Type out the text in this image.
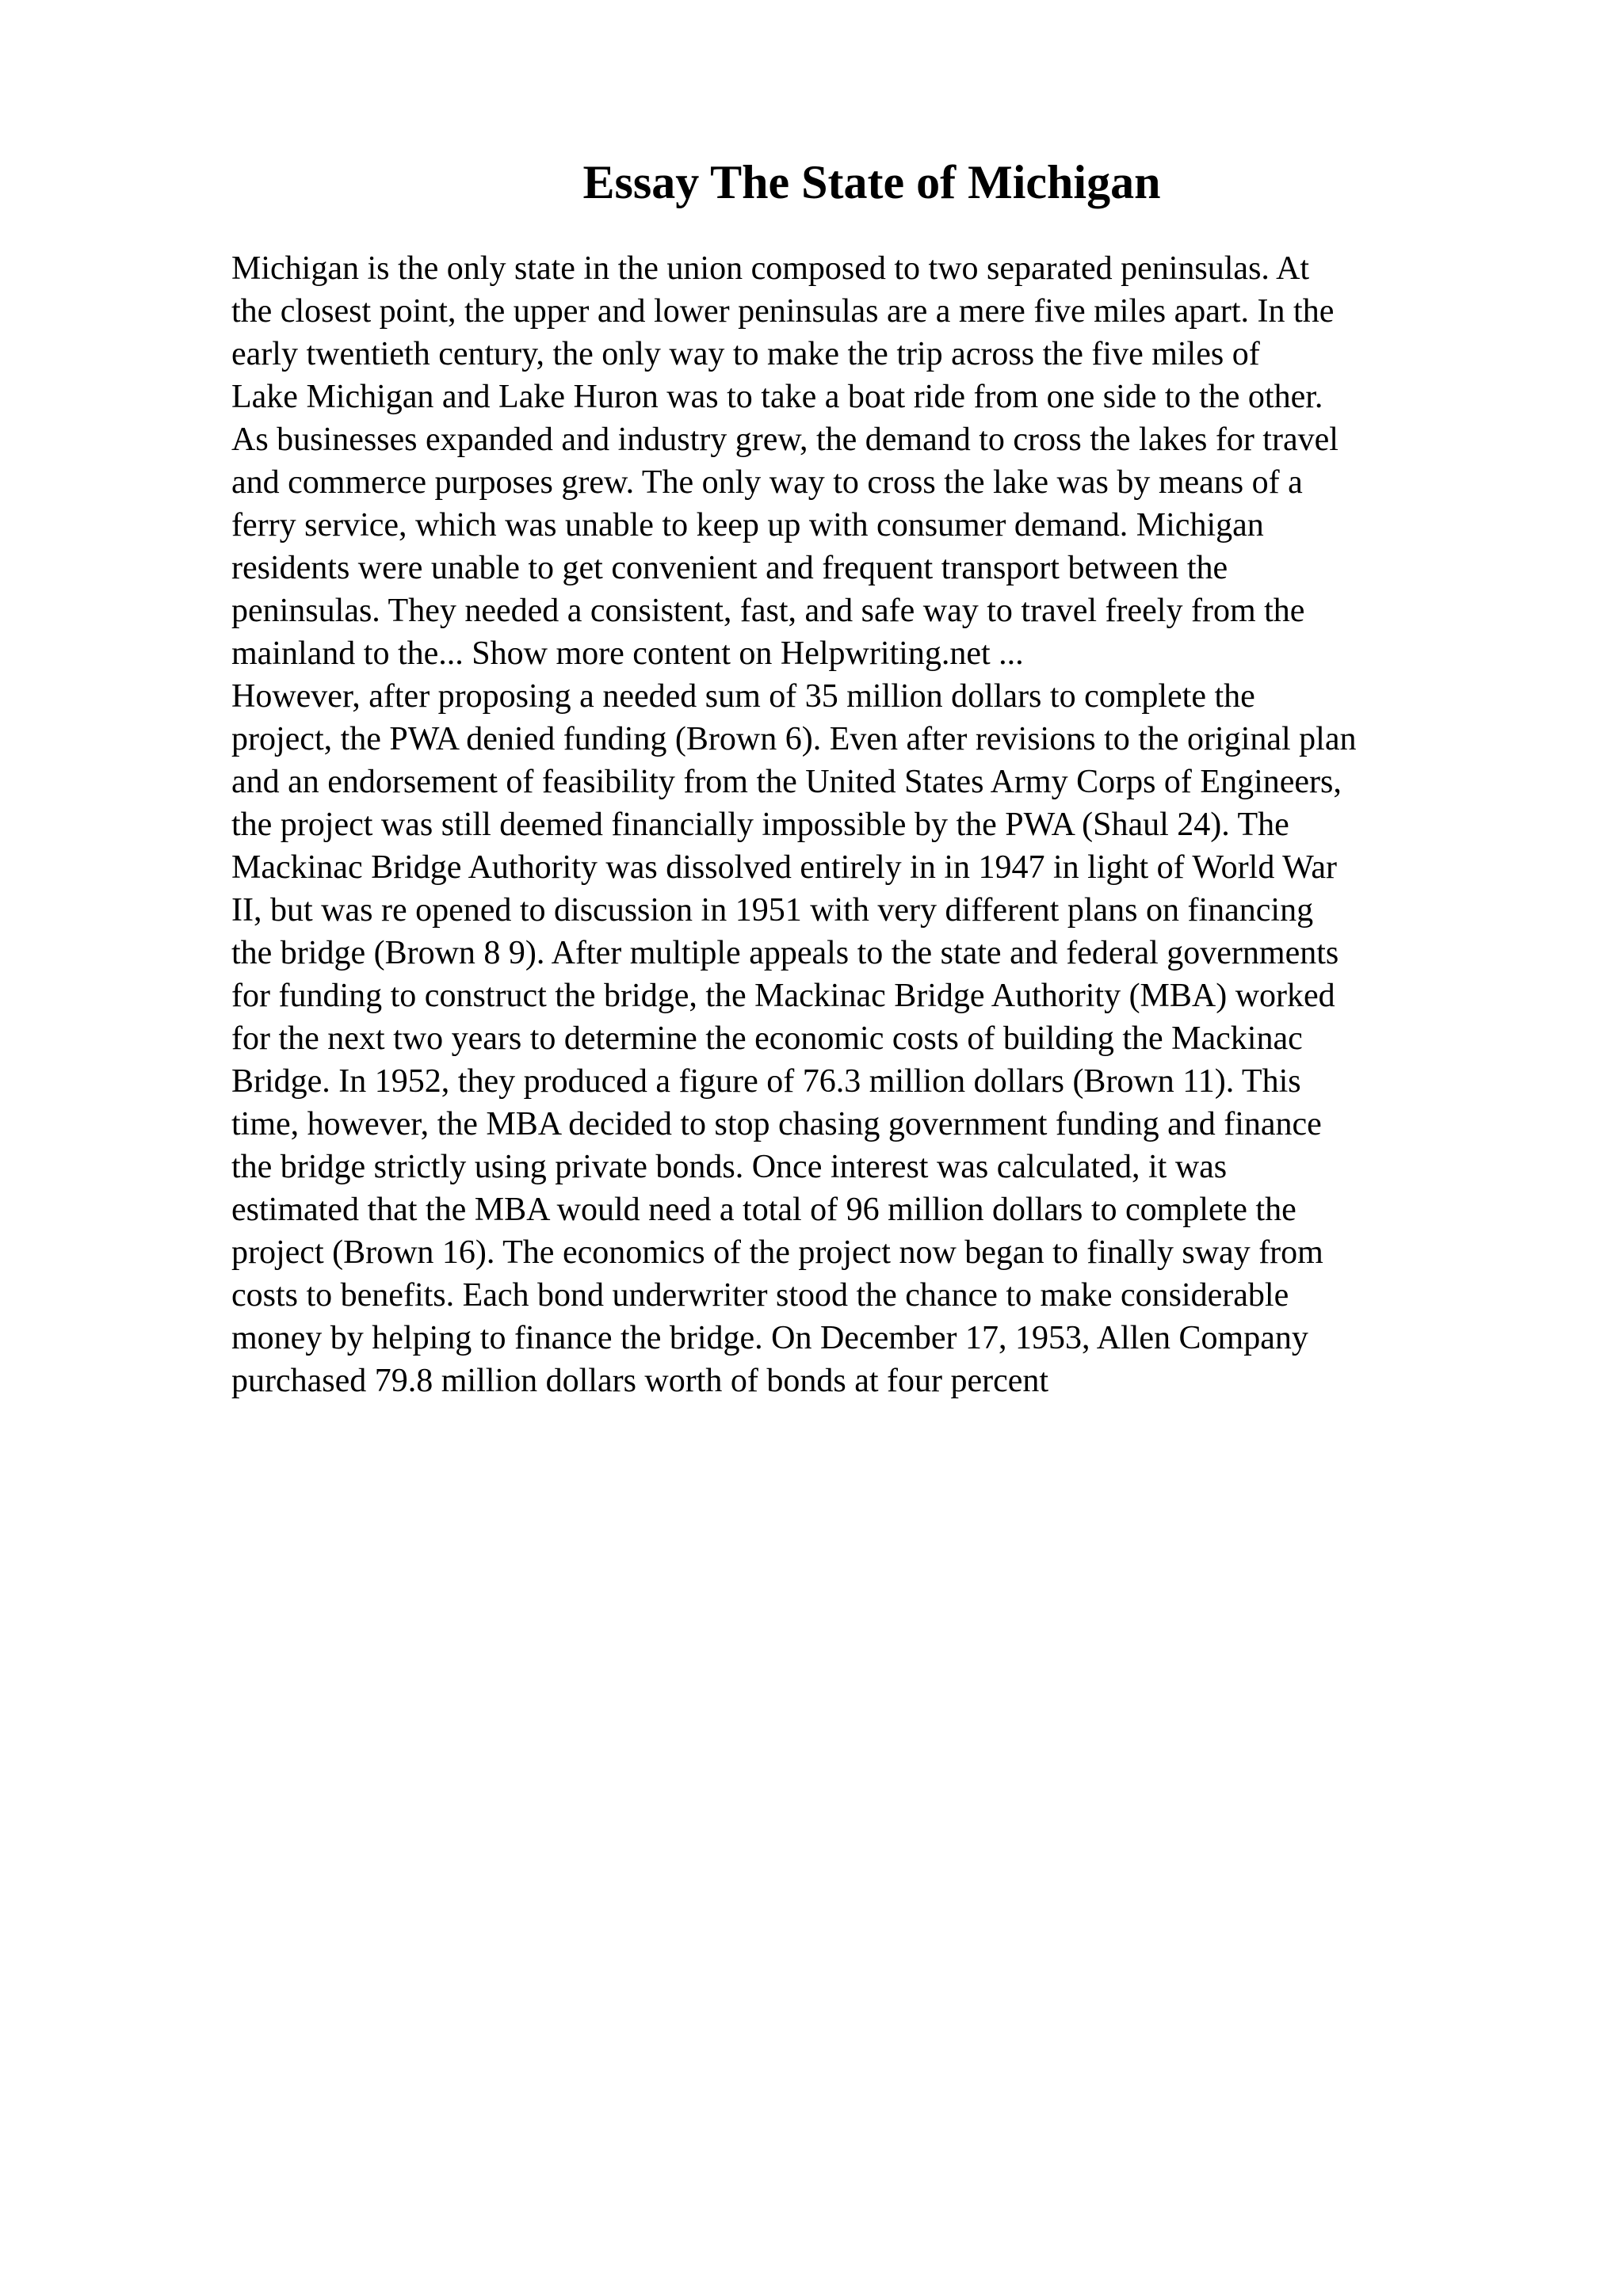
Essay The State of Michigan
Michigan is the only state in the union composed to two separated peninsulas. At
the closest point, the upper and lower peninsulas are a mere five miles apart. In the
early twentieth century, the only way to make the trip across the five miles of
Lake Michigan and Lake Huron was to take a boat ride from one side to the other.
As businesses expanded and industry grew, the demand to cross the lakes for travel
and commerce purposes grew. The only way to cross the lake was by means of a
ferry service, which was unable to keep up with consumer demand. Michigan
residents were unable to get convenient and frequent transport between the
peninsulas. They needed a consistent, fast, and safe way to travel freely from the
mainland to the... Show more content on Helpwriting.net ...
However, after proposing a needed sum of 35 million dollars to complete the
project, the PWA denied funding (Brown 6). Even after revisions to the original plan
and an endorsement of feasibility from the United States Army Corps of Engineers,
the project was still deemed financially impossible by the PWA (Shaul 24). The
Mackinac Bridge Authority was dissolved entirely in in 1947 in light of World War
II, but was re opened to discussion in 1951 with very different plans on financing
the bridge (Brown 8 9). After multiple appeals to the state and federal governments
for funding to construct the bridge, the Mackinac Bridge Authority (MBA) worked
for the next two years to determine the economic costs of building the Mackinac
Bridge. In 1952, they produced a figure of 76.3 million dollars (Brown 11). This
time, however, the MBA decided to stop chasing government funding and finance
the bridge strictly using private bonds. Once interest was calculated, it was
estimated that the MBA would need a total of 96 million dollars to complete the
project (Brown 16). The economics of the project now began to finally sway from
costs to benefits. Each bond underwriter stood the chance to make considerable
money by helping to finance the bridge. On December 17, 1953, Allen Company
purchased 79.8 million dollars worth of bonds at four percent
